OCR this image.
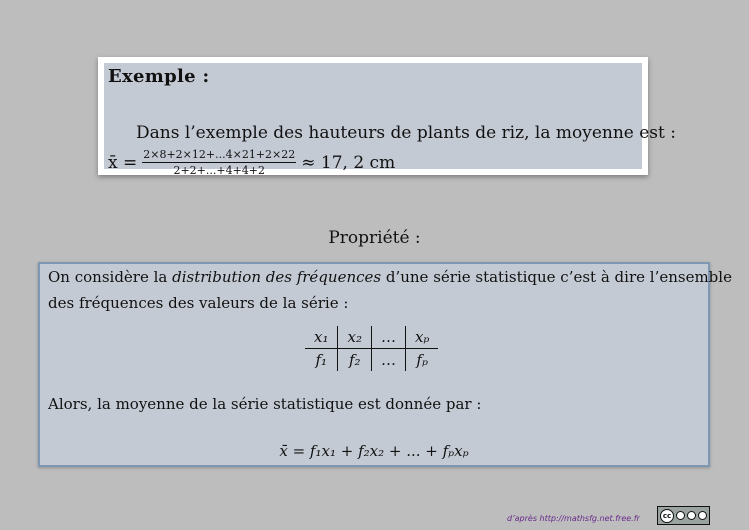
Exemple :
Dans l’exemple des hauteurs de plants de riz, la moyenne est :
x̄ = $\frac{2\times 8+2\times 12+...4\times 21+2\times 22}{2+2+...+4+4+2} \approx 17$, 2 cm
Propriété :
On considère la distribution des fréquences d’une série statistique c’est à dire l’ensemble
des fréquences des valeurs de la série :
x₁	x₂	…	xₚ
f₁	f₂	…	fₚ
Alors, la moyenne de la série statistique est donnée par :
x̄ = f₁x₁ + f₂x₂ + ... + fₚxₚ
d’après http://mathsfg.net.free.fr	cc
